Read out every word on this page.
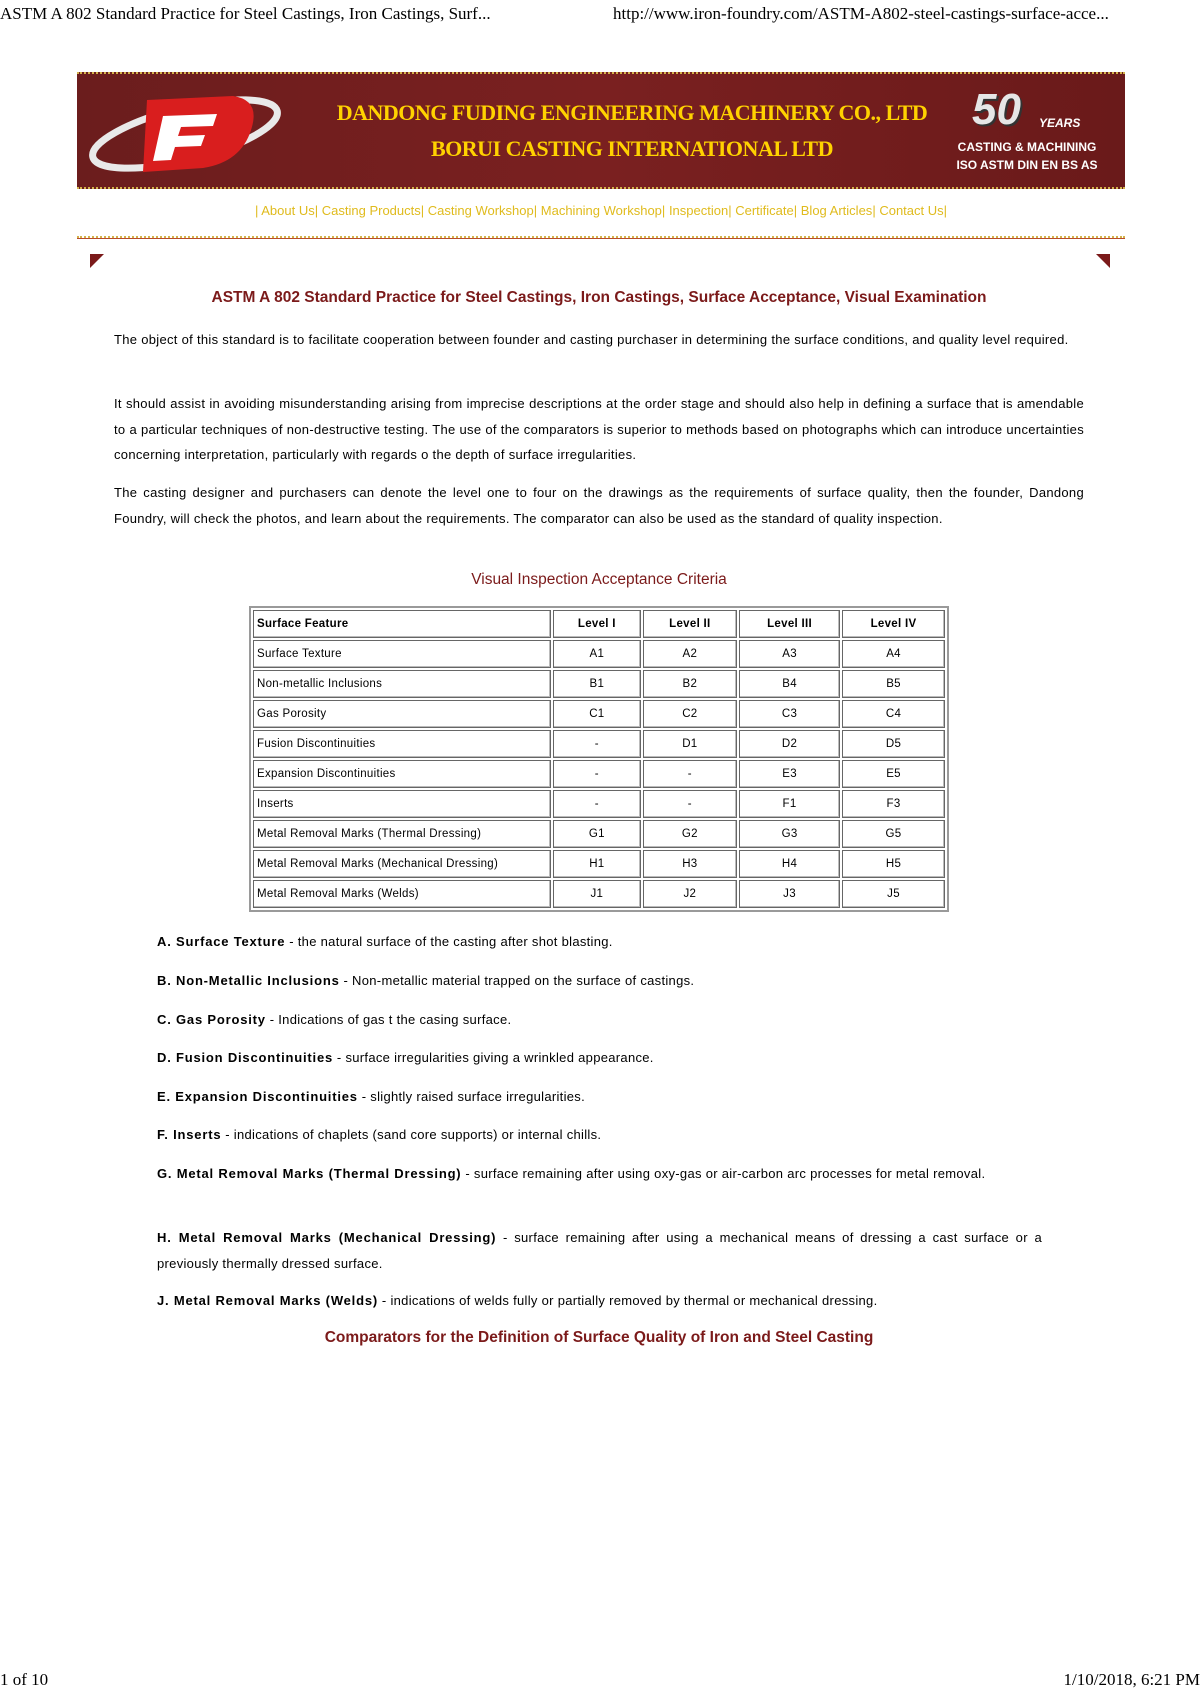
ASTM A 802 Standard Practice for Steel Castings, Iron Castings, Surf...	http://www.iron-foundry.com/ASTM-A802-steel-castings-surface-acce...
DANDONG FUDING ENGINEERING MACHINERY CO., LTD
BORUI CASTING INTERNATIONAL LTD
50 YEARS
CASTING & MACHINING
ISO ASTM DIN EN BS AS
| About Us| Casting Products| Casting Workshop| Machining Workshop| Inspection| Certificate| Blog Articles| Contact Us|
ASTM A 802 Standard Practice for Steel Castings, Iron Castings, Surface Acceptance, Visual Examination

The object of this standard is to facilitate cooperation between founder and casting purchaser in determining the surface conditions, and quality level required.

It should assist in avoiding misunderstanding arising from imprecise descriptions at the order stage and should also help in defining a surface that is amendable to a particular techniques of non-destructive testing. The use of the comparators is superior to methods based on photographs which can introduce uncertainties concerning interpretation, particularly with regards o the depth of surface irregularities.

The casting designer and purchasers can denote the level one to four on the drawings as the requirements of surface quality, then the founder, Dandong Foundry, will check the photos, and learn about the requirements. The comparator can also be used as the standard of quality inspection.

Visual Inspection Acceptance Criteria
Surface Feature	Level I	Level II	Level III	Level IV
Surface Texture	A1	A2	A3	A4
Non-metallic Inclusions	B1	B2	B4	B5
Gas Porosity	C1	C2	C3	C4
Fusion Discontinuities	-	D1	D2	D5
Expansion Discontinuities	-	-	E3	E5
Inserts	-	-	F1	F3
Metal Removal Marks (Thermal Dressing)	G1	G2	G3	G5
Metal Removal Marks (Mechanical Dressing)	H1	H3	H4	H5
Metal Removal Marks (Welds)	J1	J2	J3	J5

A. Surface Texture - the natural surface of the casting after shot blasting.

B. Non-Metallic Inclusions - Non-metallic material trapped on the surface of castings.

C. Gas Porosity - Indications of gas t the casing surface.

D. Fusion Discontinuities - surface irregularities giving a wrinkled appearance.

E. Expansion Discontinuities - slightly raised surface irregularities.

F. Inserts - indications of chaplets (sand core supports) or internal chills.

G. Metal Removal Marks (Thermal Dressing) - surface remaining after using oxy-gas or air-carbon arc processes for metal removal.

H. Metal Removal Marks (Mechanical Dressing) - surface remaining after using a mechanical means of dressing a cast surface or a previously thermally dressed surface.

J. Metal Removal Marks (Welds) - indications of welds fully or partially removed by thermal or mechanical dressing.

Comparators for the Definition of Surface Quality of Iron and Steel Casting
1 of 10	1/10/2018, 6:21 PM
